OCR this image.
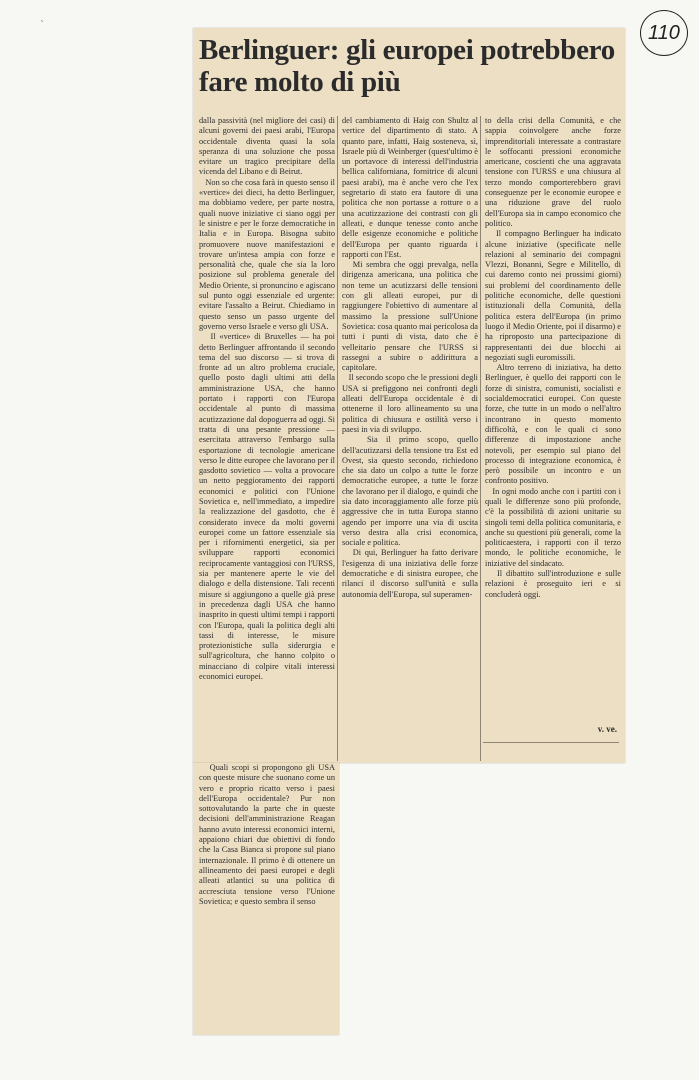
`	110
Berlinguer: gli europei potrebbero fare molto di più
dalla passività (nel migliore dei casi) di alcuni governi dei paesi arabi, l'Europa occidentale diventa quasi la sola speranza di una soluzione che possa evitare un tragico precipitare della vicenda del Libano e di Beirut.
Non so che cosa farà in questo senso il «vertice» dei dieci, ha detto Berlinguer, ma dobbiamo vedere, per parte nostra, quali nuove iniziative ci siano oggi per le sinistre e per le forze democratiche in Italia e in Europa. Bisogna subito promuovere nuove manifestazioni e trovare un'intesa ampia con forze e personalità che, quale che sia la loro posizione sul problema generale del Medio Oriente, si pronuncino e agiscano sul punto oggi essenziale ed urgente: evitare l'assalto a Beirut. Chiediamo in questo senso un passo urgente del governo verso Israele e verso gli USA.
Il «vertice» di Bruxelles — ha poi detto Berlinguer affrontando il secondo tema del suo discorso — si trova di fronte ad un altro problema cruciale, quello posto dagli ultimi atti della amministrazione USA, che hanno portato i rapporti con l'Europa occidentale al punto di massima acutizzazione dal dopoguerra ad oggi. Si tratta di una pesante pressione — esercitata attraverso l'embargo sulla esportazione di tecnologie americane verso le ditte europee che lavorano per il gasdotto sovietico — volta a provocare un netto peggioramento dei rapporti economici e politici con l'Unione Sovietica e, nell'immediato, a impedire la realizzazione del gasdotto, che è considerato invece da molti governi europei come un fattore essenziale sia per i rifornimenti energetici, sia per sviluppare rapporti economici reciprocamente vantaggiosi con l'URSS, sia per mantenere aperte le vie del dialogo e della distensione. Tali recenti misure si aggiungono a quelle già prese in precedenza dagli USA che hanno inasprito in questi ultimi tempi i rapporti con l'Europa, quali la politica degli alti tassi di interesse, le misure protezionistiche sulla siderurgia e sull'agricoltura, che hanno colpito o minacciano di colpire vitali interessi economici europei.
del cambiamento di Haig con Shultz al vertice del dipartimento di stato. A quanto pare, infatti, Haig sosteneva, sì, Israele più di Weinberger (quest'ultimo è un portavoce di interessi dell'industria bellica californiana, fornitrice di alcuni paesi arabi), ma è anche vero che l'ex segretario di stato era fautore di una politica che non portasse a rotture o a una acutizzazione dei contrasti con gli alleati, e dunque tenesse conto anche delle esigenze economiche e politiche dell'Europa per quanto riguarda i rapporti con l'Est.
Mi sembra che oggi prevalga, nella dirigenza americana, una politica che non teme un acutizzarsi delle tensioni con gli alleati europei, pur di raggiungere l'obiettivo di aumentare al massimo la pressione sull'Unione Sovietica: cosa quanto mai pericolosa da tutti i punti di vista, dato che è velleitario pensare che l'URSS si rassegni a subire o addirittura a capitolare.
Il secondo scopo che le pressioni degli USA si prefiggono nei confronti degli alleati dell'Europa occidentale è di ottenerne il loro allineamento su una politica di chiusura e ostilità verso i paesi in via di sviluppo.
Sia il primo scopo, quello dell'acutizzarsi della tensione tra Est ed Ovest, sia questo secondo, richiedono che sia dato un colpo a tutte le forze democratiche europee, a tutte le forze che lavorano per il dialogo, e quindi che sia dato incoraggiamento alle forze più aggressive che in tutta Europa stanno agendo per imporre una via di uscita verso destra alla crisi economica, sociale e politica.
Di qui, Berlinguer ha fatto derivare l'esigenza di una iniziativa delle forze democratiche e di sinistra europee, che rilanci il discorso sull'unità e sulla autonomia dell'Europa, sul superamen-
to della crisi della Comunità, e che sappia coinvolgere anche forze imprenditoriali interessate a contrastare le soffocanti pressioni economiche americane, coscienti che una aggravata tensione con l'URSS e una chiusura al terzo mondo comporterebbero gravi conseguenze per le economie europee e una riduzione grave del ruolo dell'Europa sia in campo economico che politico.
Il compagno Berlinguer ha indicato alcune iniziative (specificate nelle relazioni al seminario dei compagni Vlezzi, Bonanni, Segre e Militello, di cui daremo conto nei prossimi giorni) sui problemi del coordinamento delle politiche economiche, delle questioni istituzionali della Comunità, della politica estera dell'Europa (in primo luogo il Medio Oriente, poi il disarmo) e ha riproposto una partecipazione di rappresentanti dei due blocchi ai negoziati sugli euromissili.
Altro terreno di iniziativa, ha detto Berlinguer, è quello dei rapporti con le forze di sinistra, comunisti, socialisti e socialdemocratici europei. Con queste forze, che tutte in un modo o nell'altro incontrano in questo momento difficoltà, e con le quali ci sono differenze di impostazione anche notevoli, per esempio sul piano del processo di integrazione economica, è però possibile un incontro e un confronto positivo.
In ogni modo anche con i partiti con i quali le differenze sono più profonde, c'è la possibilità di azioni unitarie su singoli temi della politica comunitaria, e anche su questioni più generali, come la politicaestera, i rapporti con il terzo mondo, le politiche economiche, le iniziative del sindacato.
Il dibattito sull'introduzione e sulle relazioni è proseguito ieri e si concluderà oggi.
v. ve.
Quali scopi si propongono gli USA con queste misure che suonano come un vero e proprio ricatto verso i paesi dell'Europa occidentale? Pur non sottovalutando la parte che in queste decisioni dell'amministrazione Reagan hanno avuto interessi economici interni, appaiono chiari due obiettivi di fondo che la Casa Bianca si propone sul piano internazionale. Il primo è di ottenere un allineamento dei paesi europei e degli alleati atlantici su una politica di accresciuta tensione verso l'Unione Sovietica; e questo sembra il senso
